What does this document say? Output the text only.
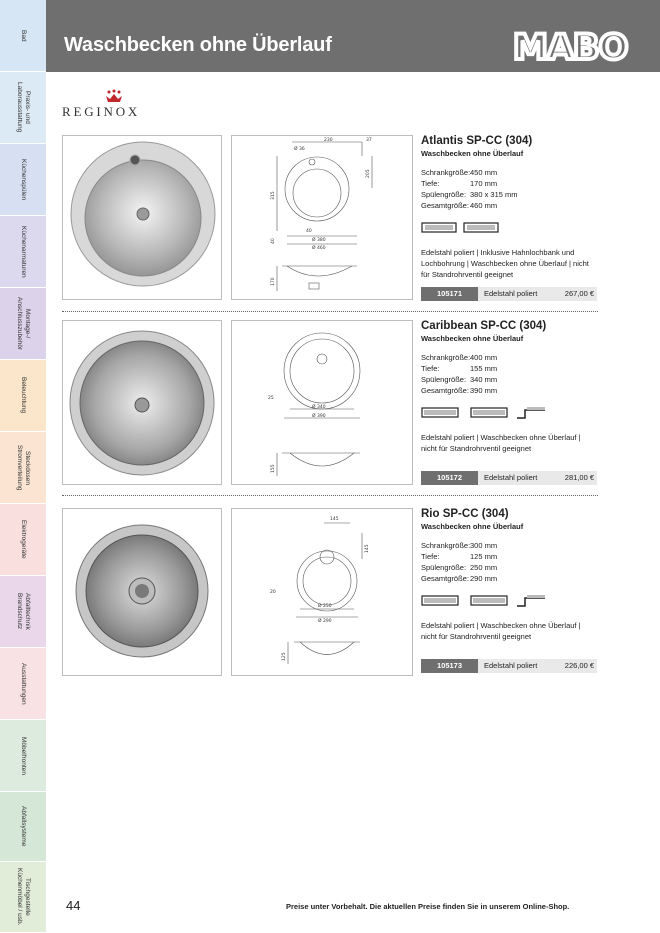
Bad
Praxis- und
Laborausstattung
Küchenspülen
Küchenarmaturen
Montage-/
Anschlusszubehör
Beleuchtung
Steckdosen
Stromverteilung
Elektrogeräte
Abfalltechnik
Brandschutz
Ausstattungen
Möbelfronten
Abfallsysteme
Tischgestelle
Küchenmöbel / usb.
Waschbecken ohne Überlauf	MABO
REGINOX
230
Ø 36
37
205
315
40
40
Ø 380
Ø 460
170
Atlantis SP-CC (304)
Waschbecken ohne Überlauf
Schrankgröße: 450 mm
Tiefe:	170 mm
Spülengröße: 380 x 315 mm
Gesamtgröße: 460 mm
Edelstahl poliert | Inklusive Hahnlochbank und Lochbohrung | Waschbecken ohne Überlauf | nicht für Standrohrventil geeignet
105171	Edelstahl poliert	267,00 €
25
Ø 340
Ø 390
155
Caribbean SP-CC (304)
Waschbecken ohne Überlauf
Schrankgröße: 400 mm
Tiefe:	155 mm
Spülengröße: 340 mm
Gesamtgröße: 390 mm
Edelstahl poliert | Waschbecken ohne Überlauf | nicht für Standrohrventil geeignet
105172	Edelstahl poliert	281,00 €
145
145
20
Ø 250
Ø 290
125
Rio SP-CC (304)
Waschbecken ohne Überlauf
Schrankgröße: 300 mm
Tiefe:	125 mm
Spülengröße: 250 mm
Gesamtgröße: 290 mm
Edelstahl poliert | Waschbecken ohne Überlauf | nicht für Standrohrventil geeignet
105173	Edelstahl poliert	226,00 €
44	Preise unter Vorbehalt. Die aktuellen Preise finden Sie in unserem Online-Shop.
